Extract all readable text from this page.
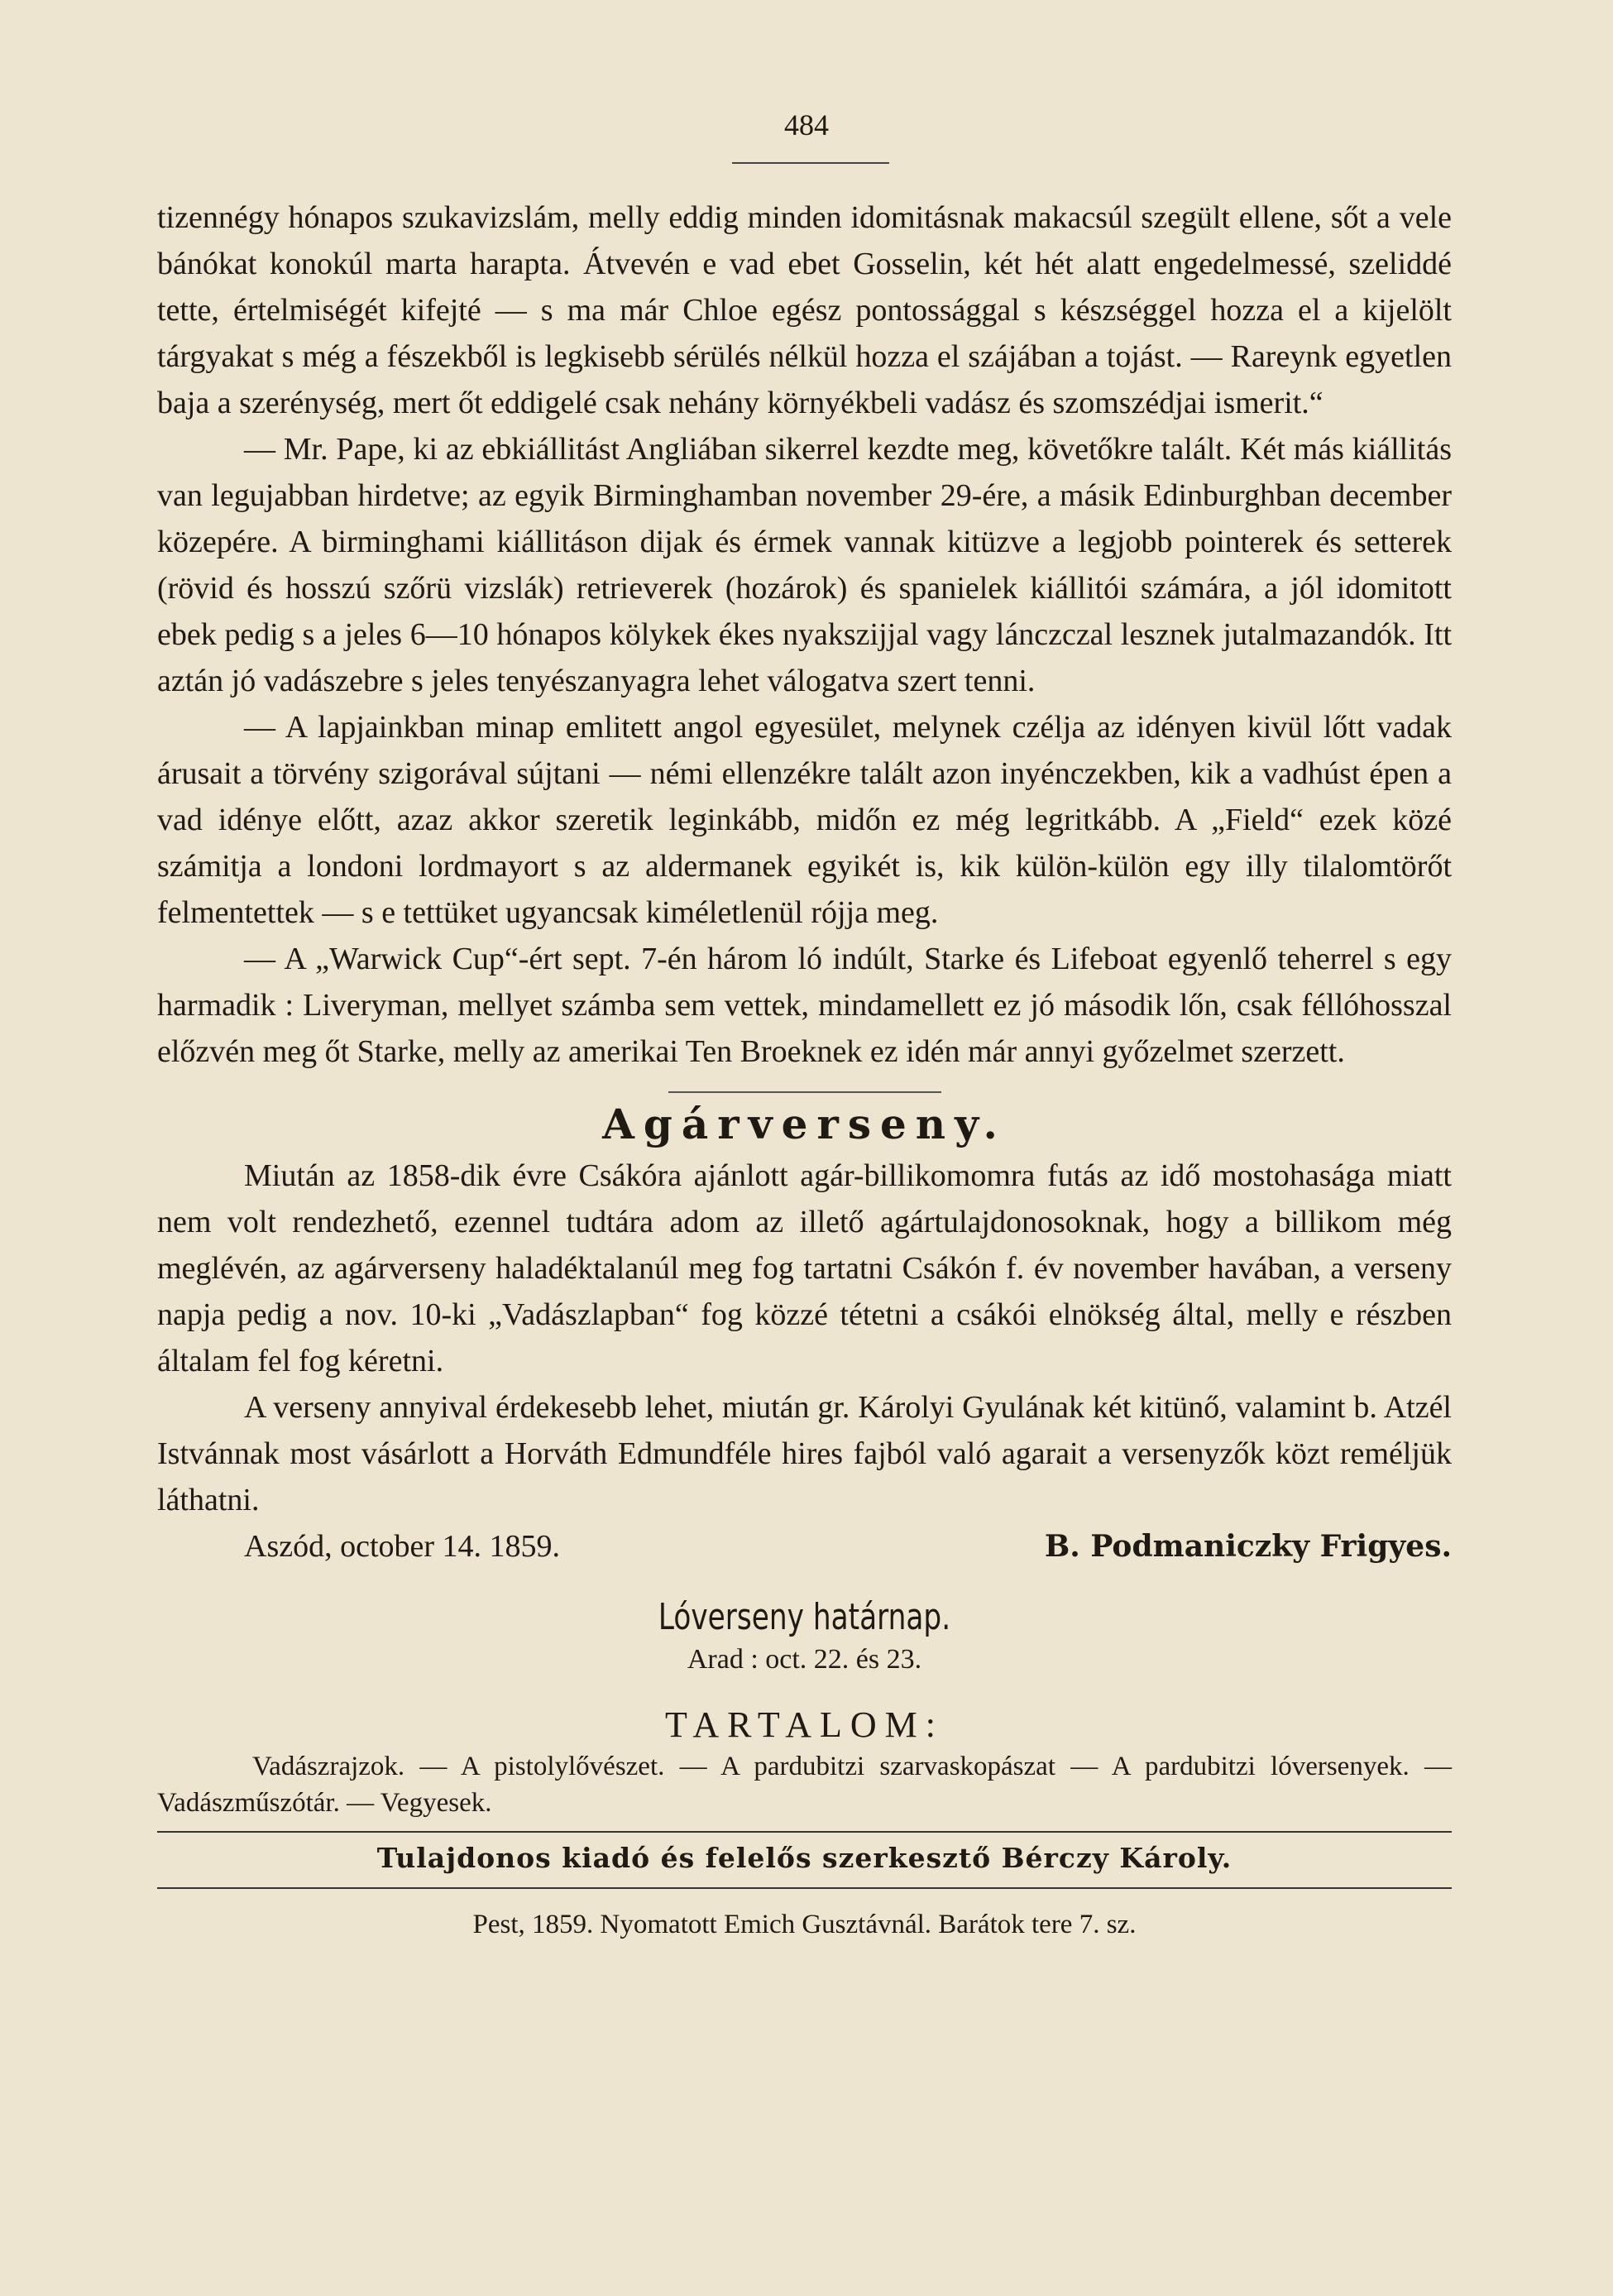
484

tizennégy hónapos szukavizslám, melly eddig minden idomitásnak makacsúl szegült ellene, sőt a vele bánókat konokúl marta harapta. Átvevén e vad ebet Gosselin, két hét alatt engedelmessé, szeliddé tette, értelmiségét kifejté — s ma már Chloe egész pontossággal s készséggel hozza el a kijelölt tárgyakat s még a fészekből is legkisebb sérülés nélkül hozza el szájában a tojást. — Rareynk egyetlen baja a szerénység, mert őt eddigelé csak nehány környékbeli vadász és szomszédjai ismerit.“

— Mr. Pape, ki az ebkiállitást Angliában sikerrel kezdte meg, követőkre talált. Két más kiállitás van legujabban hirdetve; az egyik Birminghamban november 29-ére, a másik Edinburghban december közepére. A birminghami kiállitáson dijak és érmek vannak kitüzve a legjobb pointerek és setterek (rövid és hosszú szőrü vizslák) retrieverek (hozárok) és spanielek kiállitói számára, a jól idomitott ebek pedig s a jeles 6—10 hónapos kölykek ékes nyakszijjal vagy lánczczal lesznek jutalmazandók. Itt aztán jó vadászebre s jeles tenyészanyagra lehet válogatva szert tenni.

— A lapjainkban minap emlitett angol egyesület, melynek czélja az idényen kivül lőtt vadak árusait a törvény szigorával sújtani — némi ellenzékre talált azon inyénczekben, kik a vadhúst épen a vad idénye előtt, azaz akkor szeretik leginkább, midőn ez még legritkább. A „Field“ ezek közé számitja a londoni lordmayort s az aldermanek egyikét is, kik külön-külön egy illy tilalomtörőt felmentettek — s e tettüket ugyancsak kiméletlenül rójja meg.

— A „Warwick Cup“-ért sept. 7-én három ló indúlt, Starke és Lifeboat egyenlő teherrel s egy harmadik : Liveryman, mellyet számba sem vettek, mindamellett ez jó második lőn, csak féllóhosszal előzvén meg őt Starke, melly az amerikai Ten Broeknek ez idén már annyi győzelmet szerzett.

Agárverseny.

Miután az 1858-dik évre Csákóra ajánlott agár-billikomomra futás az idő mostohasága miatt nem volt rendezhető, ezennel tudtára adom az illető agártulajdonosoknak, hogy a billikom még meglévén, az agárverseny haladéktalanúl meg fog tartatni Csákón f. év november havában, a verseny napja pedig a nov. 10-ki „Vadászlapban“ fog közzé tétetni a csákói elnökség által, melly e részben általam fel fog kéretni.

A verseny annyival érdekesebb lehet, miután gr. Károlyi Gyulának két kitünő, valamint b. Atzél Istvánnak most vásárlott a Horváth Edmundféle hires fajból való agarait a versenyzők közt reméljük láthatni.

Aszód, october 14. 1859.	B. Podmaniczky Frigyes.
Lóverseny határnap.
Arad : oct. 22. és 23.
TARTALOM:
Vadászrajzok. — A pistolylővészet. — A pardubitzi szarvaskopászat — A pardubitzi lóversenyek. — Vadászműszótár. — Vegyesek.
Tulajdonos kiadó és felelős szerkesztő Bérczy Károly.
Pest, 1859. Nyomatott Emich Gusztávnál. Barátok tere 7. sz.
